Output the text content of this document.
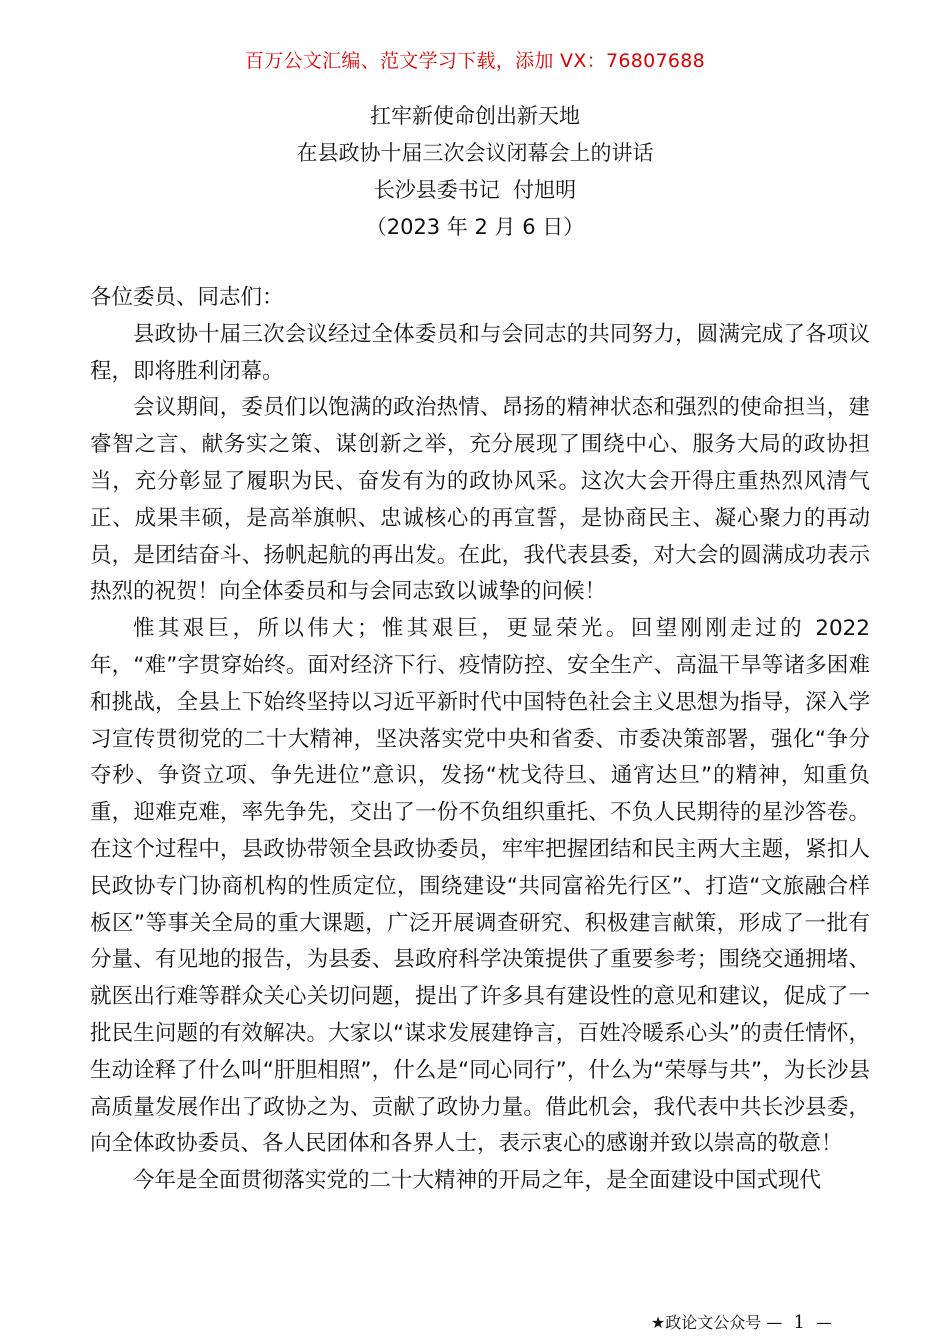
百万公文汇编、范文学习下载，添加 VX：76807688
扛牢新使命创出新天地
在县政协十届三次会议闭幕会上的讲话
长沙县委书记  付旭明
（2023 年 2 月 6 日）

各位委员、同志们：

县政协十届三次会议经过全体委员和与会同志的共同努力，圆满完成了各项议程，即将胜利闭幕。

会议期间，委员们以饱满的政治热情、昂扬的精神状态和强烈的使命担当，建睿智之言、献务实之策、谋创新之举，充分展现了围绕中心、服务大局的政协担当，充分彰显了履职为民、奋发有为的政协风采。这次大会开得庄重热烈风清气正、成果丰硕，是高举旗帜、忠诚核心的再宣誓，是协商民主、凝心聚力的再动员，是团结奋斗、扬帆起航的再出发。在此，我代表县委，对大会的圆满成功表示热烈的祝贺！向全体委员和与会同志致以诚挚的问候！

惟其艰巨，所以伟大；惟其艰巨，更显荣光。回望刚刚走过的 2022 年，“难”字贯穿始终。面对经济下行、疫情防控、安全生产、高温干旱等诸多困难和挑战，全县上下始终坚持以习近平新时代中国特色社会主义思想为指导，深入学习宣传贯彻党的二十大精神，坚决落实党中央和省委、市委决策部署，强化“争分夺秒、争资立项、争先进位”意识，发扬“枕戈待旦、通宵达旦”的精神，知重负重，迎难克难，率先争先，交出了一份不负组织重托、不负人民期待的星沙答卷。在这个过程中，县政协带领全县政协委员，牢牢把握团结和民主两大主题，紧扣人民政协专门协商机构的性质定位，围绕建设“共同富裕先行区”、打造“文旅融合样板区”等事关全局的重大课题，广泛开展调查研究、积极建言献策，形成了一批有分量、有见地的报告，为县委、县政府科学决策提供了重要参考；围绕交通拥堵、就医出行难等群众关心关切问题，提出了许多具有建设性的意见和建议，促成了一批民生问题的有效解决。大家以“谋求发展建铮言，百姓冷暖系心头”的责任情怀，生动诠释了什么叫“肝胆相照”，什么是“同心同行”，什么为“荣辱与共”，为长沙县高质量发展作出了政协之为、贡献了政协力量。借此机会，我代表中共长沙县委，向全体政协委员、各人民团体和各界人士，表示衷心的感谢并致以崇高的敬意！

今年是全面贯彻落实党的二十大精神的开局之年，是全面建设中国式现代

★政论文公众号 — 1 —
